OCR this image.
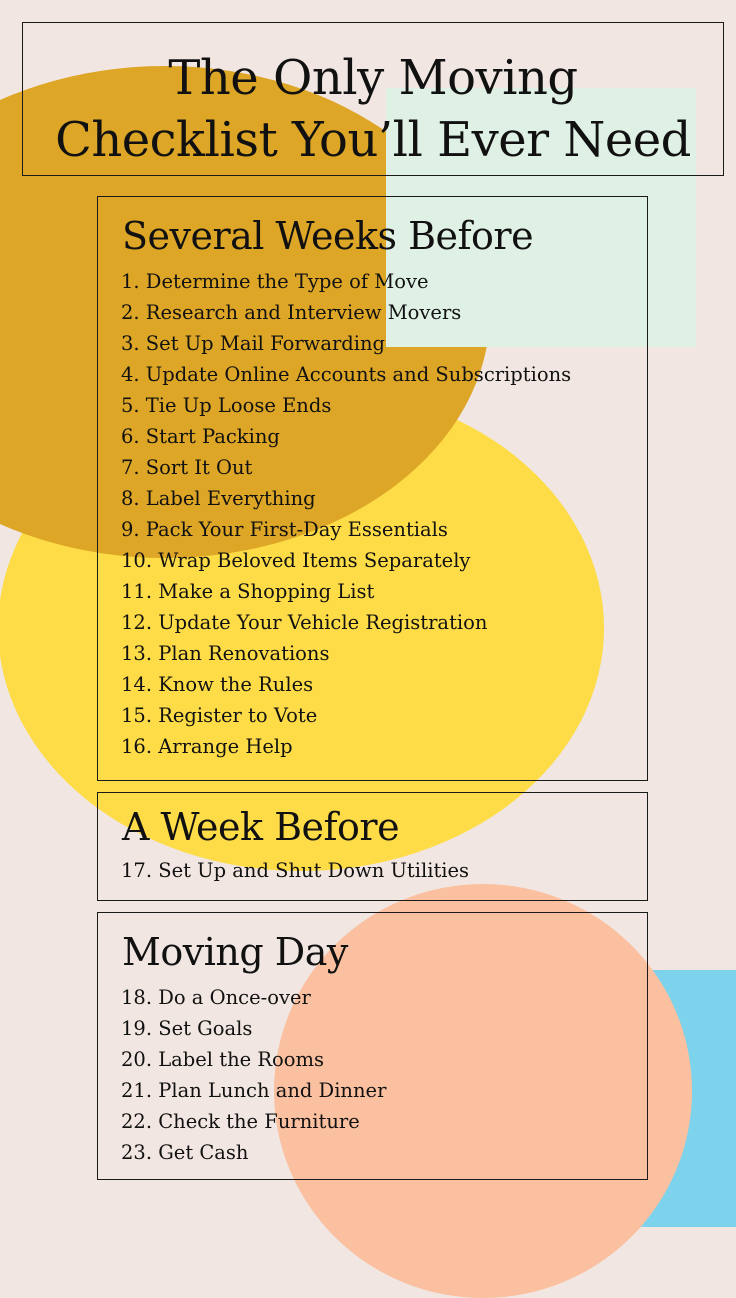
The Only Moving
Checklist You’ll Ever Need
Several Weeks Before
1. Determine the Type of Move
2. Research and Interview Movers
3. Set Up Mail Forwarding
4. Update Online Accounts and Subscriptions
5. Tie Up Loose Ends
6. Start Packing
7. Sort It Out
8. Label Everything
9. Pack Your First-Day Essentials
10. Wrap Beloved Items Separately
11. Make a Shopping List
12. Update Your Vehicle Registration
13. Plan Renovations
14. Know the Rules
15. Register to Vote
16. Arrange Help
A Week Before
17. Set Up and Shut Down Utilities
Moving Day
18. Do a Once-over
19. Set Goals
20. Label the Rooms
21. Plan Lunch and Dinner
22. Check the Furniture
23. Get Cash
